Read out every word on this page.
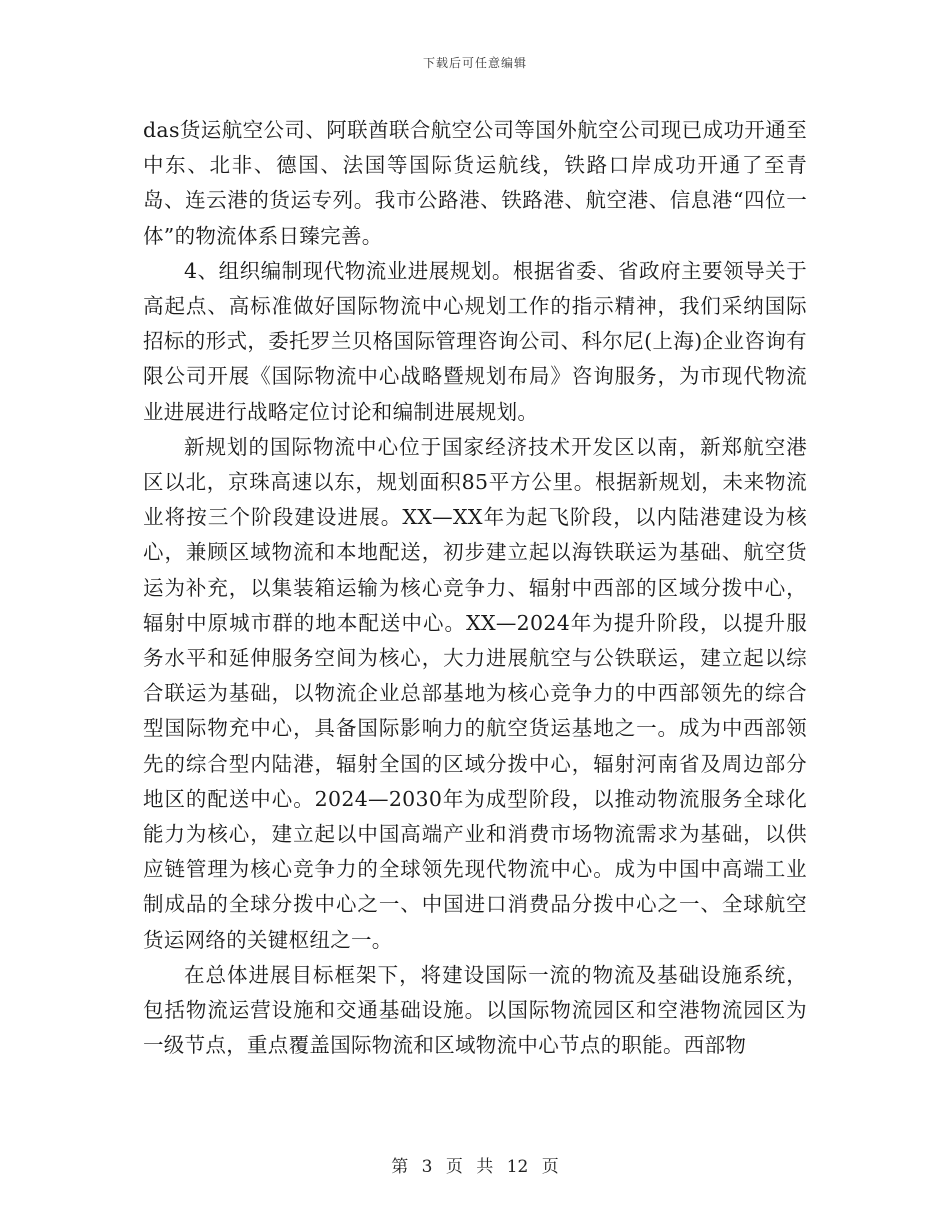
下载后可任意编辑

das货运航空公司、阿联酋联合航空公司等国外航空公司现已成功开通至中东、北非、德国、法国等国际货运航线，铁路口岸成功开通了至青岛、连云港的货运专列。我市公路港、铁路港、航空港、信息港“四位一体”的物流体系日臻完善。

4、组织编制现代物流业进展规划。根据省委、省政府主要领导关于高起点、高标准做好国际物流中心规划工作的指示精神，我们采纳国际招标的形式，委托罗兰贝格国际管理咨询公司、科尔尼(上海)企业咨询有限公司开展《国际物流中心战略暨规划布局》咨询服务，为市现代物流业进展进行战略定位讨论和编制进展规划。

新规划的国际物流中心位于国家经济技术开发区以南，新郑航空港区以北，京珠高速以东，规划面积85平方公里。根据新规划，未来物流业将按三个阶段建设进展。XX—XX年为起飞阶段，以内陆港建设为核心，兼顾区域物流和本地配送，初步建立起以海铁联运为基础、航空货运为补充，以集装箱运输为核心竞争力、辐射中西部的区域分拨中心，辐射中原城市群的地本配送中心。XX—2024年为提升阶段，以提升服务水平和延伸服务空间为核心，大力进展航空与公铁联运，建立起以综合联运为基础，以物流企业总部基地为核心竞争力的中西部领先的综合型国际物充中心，具备国际影响力的航空货运基地之一。成为中西部领先的综合型内陆港，辐射全国的区域分拨中心，辐射河南省及周边部分地区的配送中心。2024—2030年为成型阶段，以推动物流服务全球化能力为核心，建立起以中国高端产业和消费市场物流需求为基础，以供应链管理为核心竞争力的全球领先现代物流中心。成为中国中高端工业制成品的全球分拨中心之一、中国进口消费品分拨中心之一、全球航空货运网络的关键枢纽之一。

在总体进展目标框架下，将建设国际一流的物流及基础设施系统，包括物流运营设施和交通基础设施。以国际物流园区和空港物流园区为一级节点，重点覆盖国际物流和区域物流中心节点的职能。西部物

第 3 页 共 12 页
